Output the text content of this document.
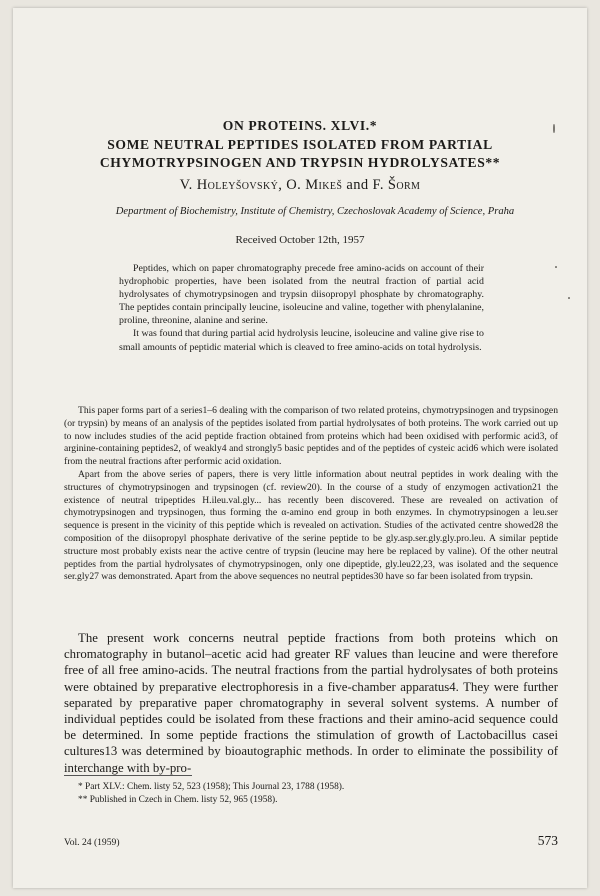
ON PROTEINS. XLVI.*
SOME NEUTRAL PEPTIDES ISOLATED FROM PARTIAL
CHYMOTRYPSINOGEN AND TRYPSIN HYDROLYSATES**
V. Holeyšovský, O. Mikeš and F. Šorm
Department of Biochemistry, Institute of Chemistry, Czechoslovak Academy of Science, Praha
Received October 12th, 1957

Peptides, which on paper chromatography precede free amino-acids on account of their hydrophobic properties, have been isolated from the neutral fraction of partial acid hydrolysates of chymotrypsinogen and trypsin diisopropyl phosphate by chromatography. The peptides contain principally leucine, isoleucine and valine, together with phenylalanine, proline, threonine, alanine and serine.

It was found that during partial acid hydrolysis leucine, isoleucine and valine give rise to small amounts of peptidic material which is cleaved to free amino-acids on total hydrolysis.

This paper forms part of a series1–6 dealing with the comparison of two related proteins, chymotrypsinogen and trypsinogen (or trypsin) by means of an analysis of the peptides isolated from partial hydrolysates of both proteins. The work carried out up to now includes studies of the acid peptide fraction obtained from proteins which had been oxidised with performic acid3, of arginine-containing peptides2, of weakly4 and strongly5 basic peptides and of the peptides of cysteic acid6 which were isolated from the neutral fractions after performic acid oxidation.

Apart from the above series of papers, there is very little information about neutral peptides in work dealing with the structures of chymotrypsinogen and trypsinogen (cf. review20). In the course of a study of enzymogen activation21 the existence of neutral tripeptides H.ileu.val.gly... has recently been discovered. These are revealed on activation of chymotrypsinogen and trypsinogen, thus forming the α-amino end group in both enzymes. In chymotrypsinogen a leu.ser sequence is present in the vicinity of this peptide which is revealed on activation. Studies of the activated centre showed28 the composition of the diisopropyl phosphate derivative of the serine peptide to be gly.asp.ser.gly.gly.pro.leu. A similar peptide structure most probably exists near the active centre of trypsin (leucine may here be replaced by valine). Of the other neutral peptides from the partial hydrolysates of chymotrypsinogen, only one dipeptide, gly.leu22,23, was isolated and the sequence ser.gly27 was demonstrated. Apart from the above sequences no neutral peptides30 have so far been isolated from trypsin.

The present work concerns neutral peptide fractions from both proteins which on chromatography in butanol–acetic acid had greater RF values than leucine and were therefore free of all free amino-acids. The neutral fractions from the partial hydrolysates of both proteins were obtained by preparative electrophoresis in a five-chamber apparatus4. They were further separated by preparative paper chromatography in several solvent systems. A number of individual peptides could be isolated from these fractions and their amino-acid sequence could be determined. In some peptide fractions the stimulation of growth of Lactobacillus casei cultures13 was determined by bioautographic methods. In order to eliminate the possibility of interchange with by-pro-

* Part XLV.: Chem. listy 52, 523 (1958); This Journal 23, 1788 (1958).
** Published in Czech in Chem. listy 52, 965 (1958).
Vol. 24 (1959)	573
